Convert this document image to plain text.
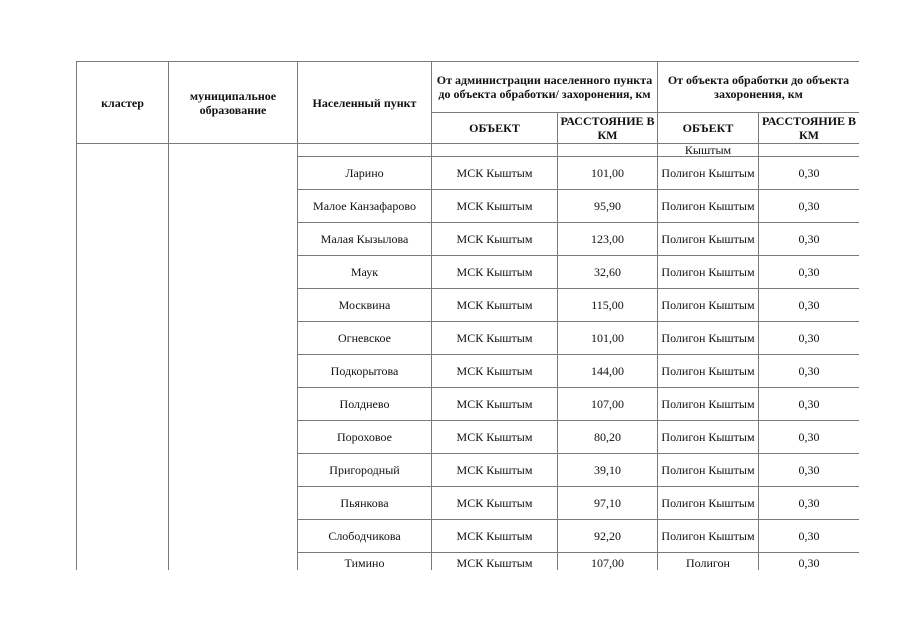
кластер	муниципальное образование	Населенный пункт	От администрации населенного пункта до объекта обработки/ захоронения, км		От объекта обработки до объекта захоронения, км	
			ОБЪЕКТ	РАССТОЯНИЕ В КМ	ОБЪЕКТ	РАССТОЯНИЕ В КМ
					Кыштым	
		Ларино	МСК Кыштым	101,00	Полигон Кыштым	0,30
		Малое Канзафарово	МСК Кыштым	95,90	Полигон Кыштым	0,30
		Малая Кызылова	МСК Кыштым	123,00	Полигон Кыштым	0,30
		Маук	МСК Кыштым	32,60	Полигон Кыштым	0,30
		Москвина	МСК Кыштым	115,00	Полигон Кыштым	0,30
		Огневское	МСК Кыштым	101,00	Полигон Кыштым	0,30
		Подкорытова	МСК Кыштым	144,00	Полигон Кыштым	0,30
		Полднево	МСК Кыштым	107,00	Полигон Кыштым	0,30
		Пороховое	МСК Кыштым	80,20	Полигон Кыштым	0,30
		Пригородный	МСК Кыштым	39,10	Полигон Кыштым	0,30
		Пьянкова	МСК Кыштым	97,10	Полигон Кыштым	0,30
		Слободчикова	МСК Кыштым	92,20	Полигон Кыштым	0,30
		Тимино	МСК Кыштым	107,00	Полигон	0,30
